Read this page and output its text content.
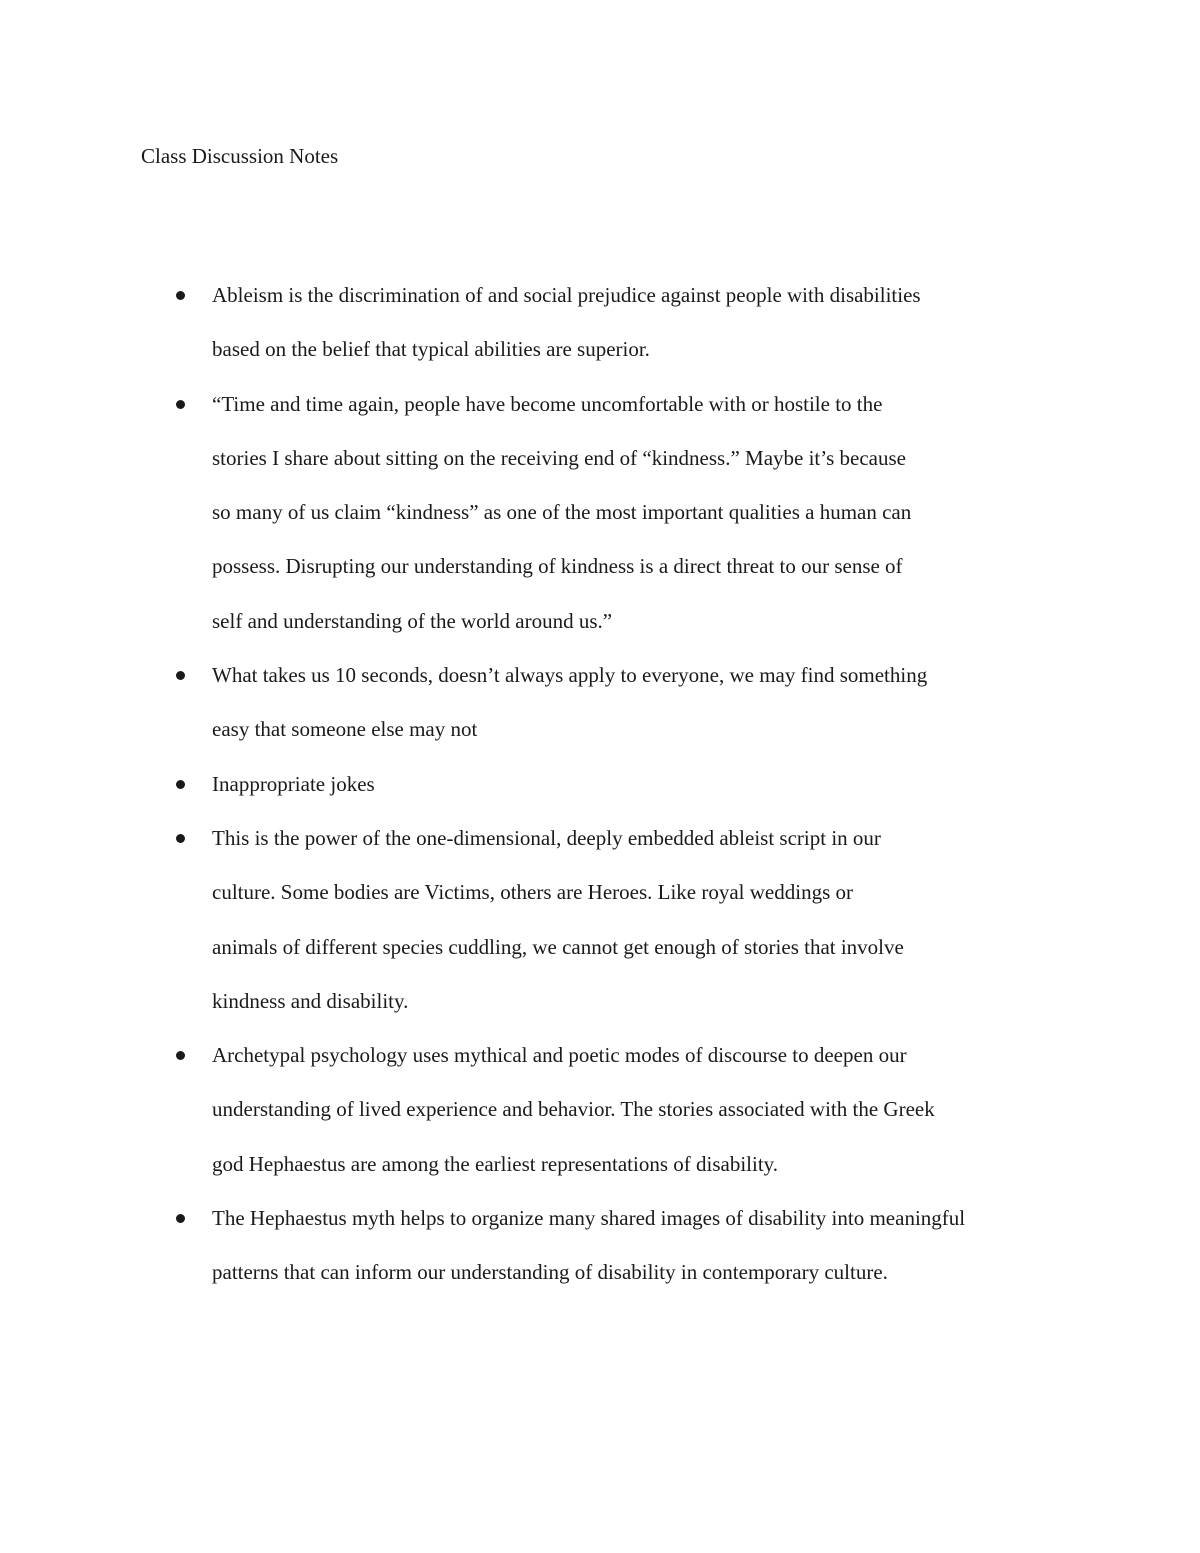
Class Discussion Notes
Ableism is the discrimination of and social prejudice against people with disabilities
based on the belief that typical abilities are superior.
“Time and time again, people have become uncomfortable with or hostile to the
stories I share about sitting on the receiving end of “kindness.” Maybe it’s because
so many of us claim “kindness” as one of the most important qualities a human can
possess. Disrupting our understanding of kindness is a direct threat to our sense of
self and understanding of the world around us.”
What takes us 10 seconds, doesn’t always apply to everyone, we may find something
easy that someone else may not
Inappropriate jokes
This is the power of the one-dimensional, deeply embedded ableist script in our
culture. Some bodies are Victims, others are Heroes. Like royal weddings or
animals of different species cuddling, we cannot get enough of stories that involve
kindness and disability.
Archetypal psychology uses mythical and poetic modes of discourse to deepen our
understanding of lived experience and behavior. The stories associated with the Greek
god Hephaestus are among the earliest representations of disability.
The Hephaestus myth helps to organize many shared images of disability into meaningful
patterns that can inform our understanding of disability in contemporary culture.
